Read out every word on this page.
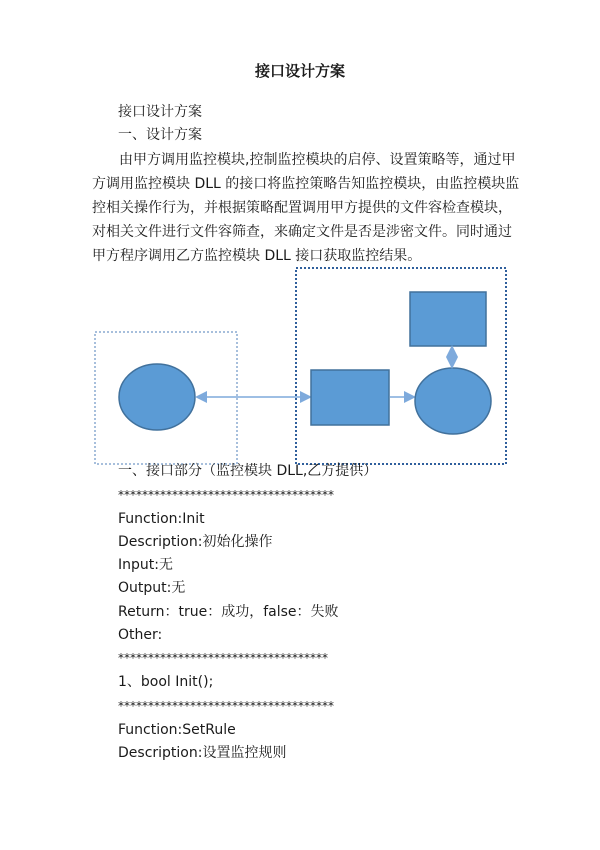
接口设计方案
接口设计方案
一、设计方案
由甲方调用监控模块,控制监控模块的启停、设置策略等，通过甲
方调用监控模块 DLL 的接口将监控策略告知监控模块，由监控模块监
控相关操作行为，并根据策略配置调用甲方提供的文件容检查模块，
对相关文件进行文件容筛查，来确定文件是否是涉密文件。同时通过
甲方程序调用乙方监控模块 DLL 接口获取监控结果。
一、接口部分（监控模块 DLL,乙方提供）
************************************
Function:Init
Description:初始化操作
Input:无
Output:无
Return：true：成功，false：失败
Other:
***********************************
1、bool Init();
************************************
Function:SetRule
Description:设置监控规则
